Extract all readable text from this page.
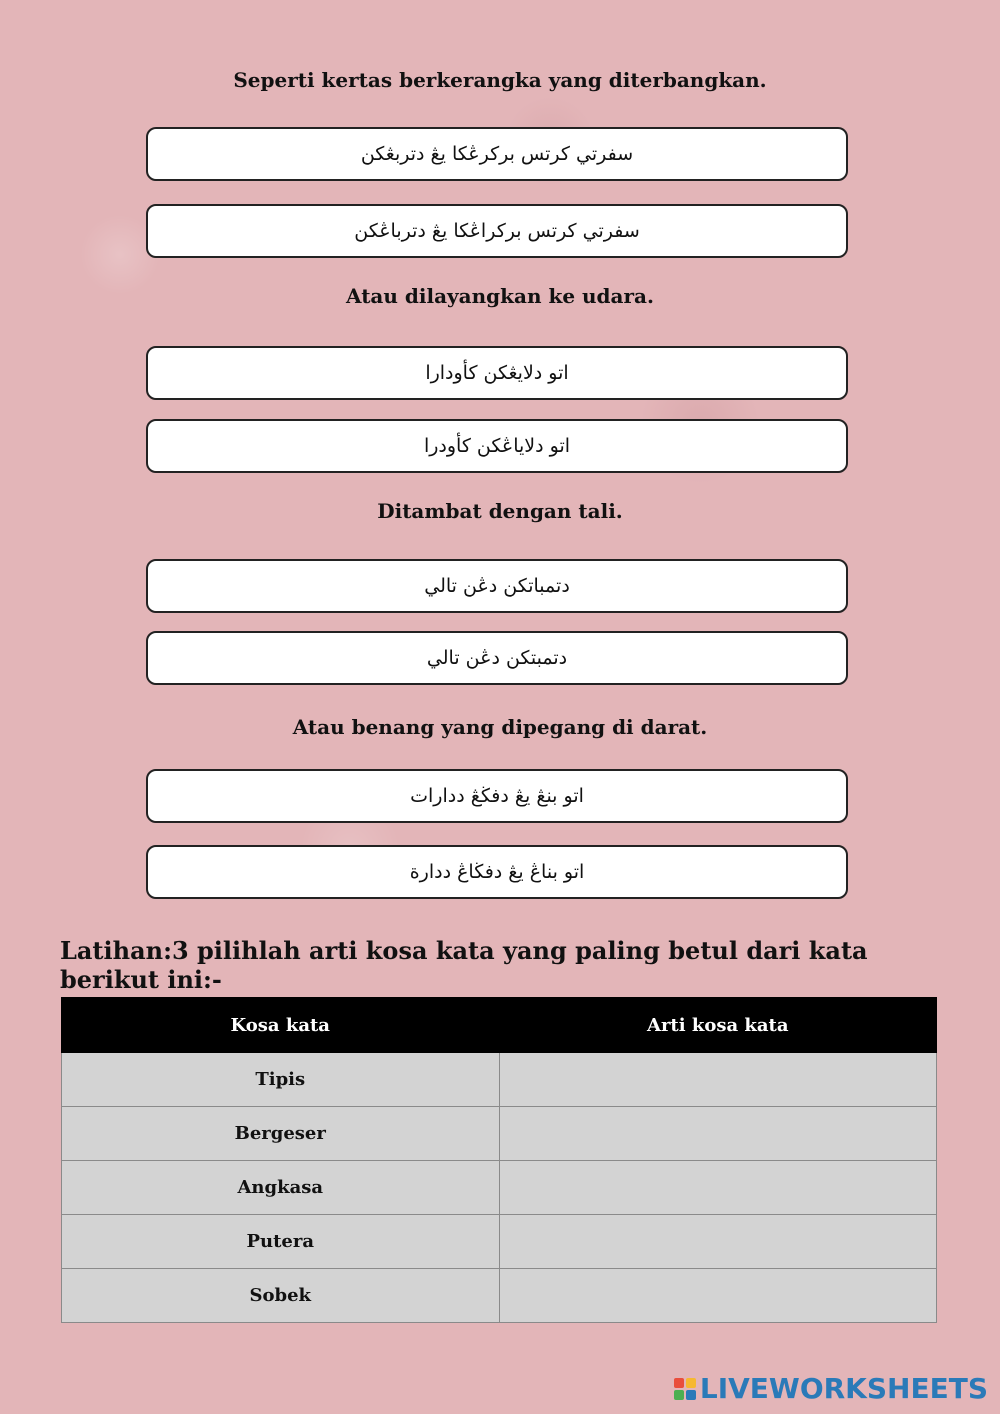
Seperti kertas berkerangka yang diterbangkan.
سفرتي كرتس بركرڠكا يڠ دتربڠكن
سفرتي كرتس بركراڠكا يڠ دترباڠكن
Atau dilayangkan ke udara.
اتو دلايڠكن كأودارا
اتو دلاياڠكن كأودرا
Ditambat dengan tali.
دتمباتكن دڠن تالي
دتمبتكن دڠن تالي
Atau benang yang dipegang di darat.
اتو بنڠ يڠ دفڬڠ ددارات
اتو بناڠ يڠ دفڬاڠ ددارة
Latihan:3 pilihlah arti kosa kata yang paling betul dari kata berikut ini:-
Kosa kata	Arti kosa kata
Tipis	
Bergeser	
Angkasa	
Putera	
Sobek	
LIVEWORKSHEETS
